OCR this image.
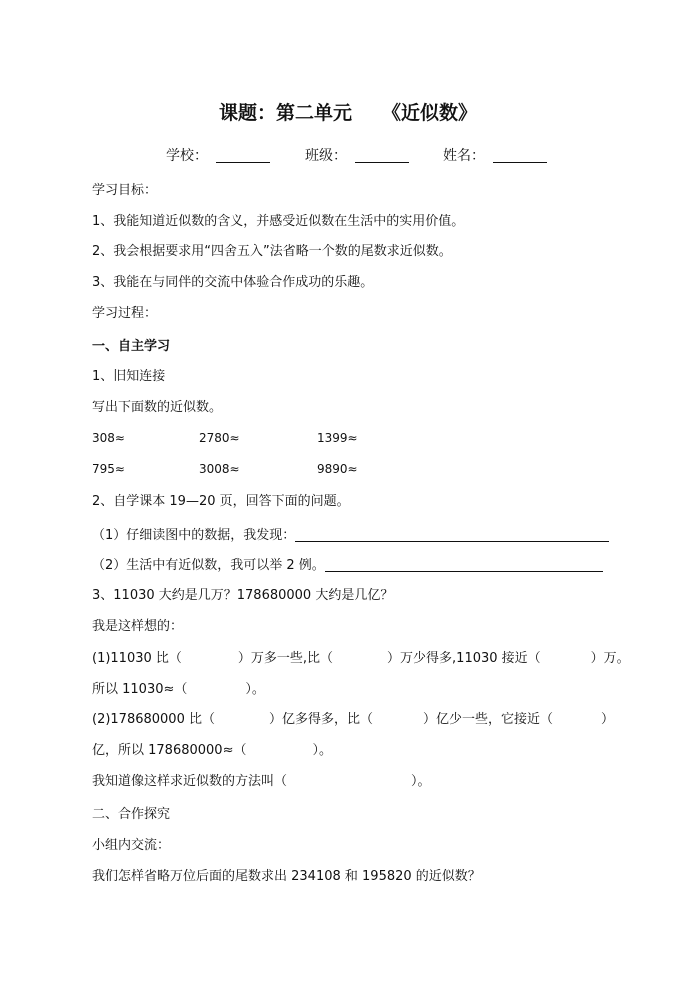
课题：第二单元 《近似数》
学校：	班级：	姓名：
学习目标：
1、我能知道近似数的含义，并感受近似数在生活中的实用价值。
2、我会根据要求用“四舍五入”法省略一个数的尾数求近似数。
3、我能在与同伴的交流中体验合作成功的乐趣。
学习过程：
一、自主学习
1、旧知连接
写出下面数的近似数。
308≈	2780≈	1399≈
795≈	3008≈	9890≈
2、自学课本 19—20 页，回答下面的问题。
（1）仔细读图中的数据，我发现：
（2）生活中有近似数，我可以举 2 例。
3、11030 大约是几万？178680000 大约是几亿？
我是这样想的：
(1)11030 比（	）万多一些,比（	）万少得多,11030 接近（	）万。
所以 11030≈（	）。
(2)178680000 比（	）亿多得多，比（	）亿少一些，它接近（	）
亿，所以 178680000≈（	）。
我知道像这样求近似数的方法叫（	）。
二、合作探究
小组内交流：
我们怎样省略万位后面的尾数求出 234108 和 195820 的近似数？
